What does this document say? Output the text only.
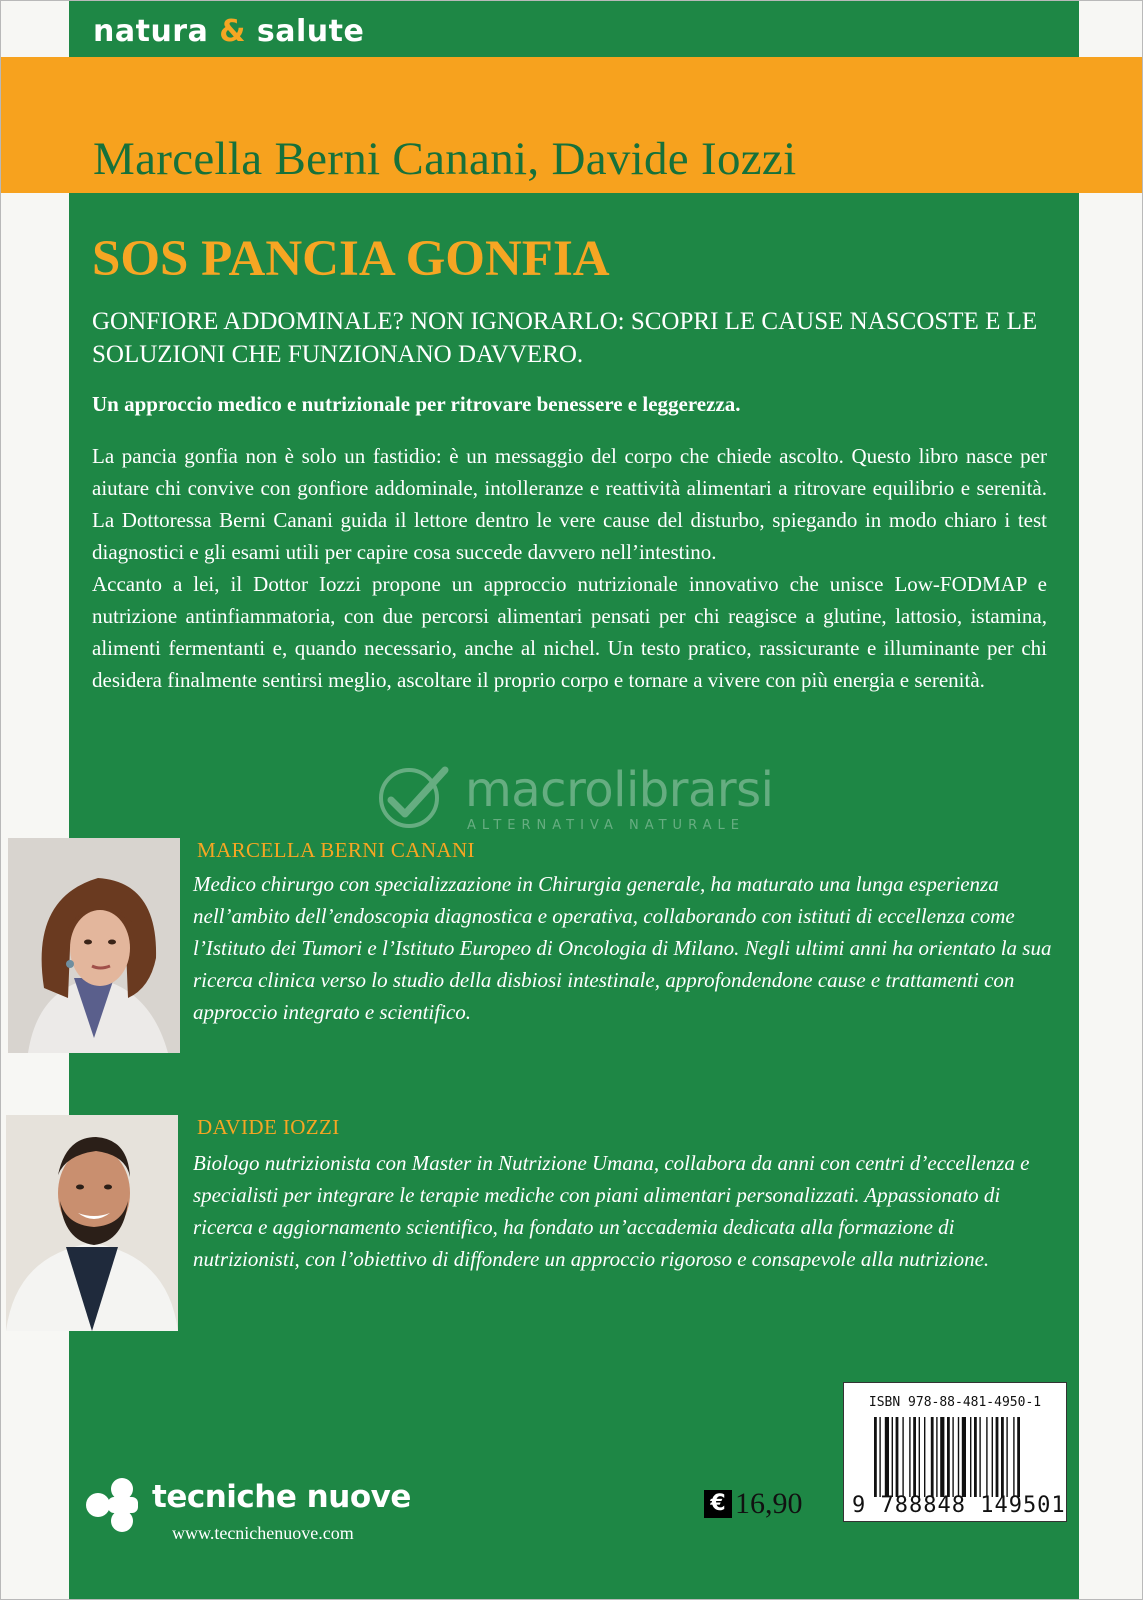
natura & salute
Marcella Berni Canani, Davide Iozzi
SOS PANCIA GONFIA
GONFIORE ADDOMINALE? NON IGNORARLO: SCOPRI LE CAUSE NASCOSTE E LE SOLUZIONI CHE FUNZIONANO DAVVERO.
Un approccio medico e nutrizionale per ritrovare benessere e leggerezza.

La pancia gonfia non è solo un fastidio: è un messaggio del corpo che chiede ascolto. Questo libro nasce per aiutare chi convive con gonfiore addominale, intolleranze e reattività alimentari a ritrovare equilibrio e serenità. La Dottoressa Berni Canani guida il lettore dentro le vere cause del disturbo, spiegando in modo chiaro i test diagnostici e gli esami utili per capire cosa succede davvero nell’intestino.

Accanto a lei, il Dottor Iozzi propone un approccio nutrizionale innovativo che unisce Low-FODMAP e nutrizione antinfiammatoria, con due percorsi alimentari pensati per chi reagisce a glutine, lattosio, istamina, alimenti fermentanti e, quando necessario, anche al nichel. Un testo pratico, rassicurante e illuminante per chi desidera finalmente sentirsi meglio, ascoltare il proprio corpo e tornare a vivere con più energia e serenità.

macrolibrarsi
ALTERNATIVA NATURALE
MARCELLA BERNI CANANI
Medico chirurgo con specializzazione in Chirurgia generale, ha maturato una lunga esperienza nell’ambito dell’endoscopia diagnostica e operativa, collaborando con istituti di eccellenza come l’Istituto dei Tumori e l’Istituto Europeo di Oncologia di Milano. Negli ultimi anni ha orientato la sua ricerca clinica verso lo studio della disbiosi intestinale, approfondendone cause e trattamenti con approccio integrato e scientifico.
DAVIDE IOZZI
Biologo nutrizionista con Master in Nutrizione Umana, collabora da anni con centri d’eccellenza e specialisti per integrare le terapie mediche con piani alimentari personalizzati. Appassionato di ricerca e aggiornamento scientifico, ha fondato un’accademia dedicata alla formazione di nutrizionisti, con l’obiettivo di diffondere un approccio rigoroso e consapevole alla nutrizione.
tecniche nuove
www.tecnichenuove.com
€ 16,90
ISBN 978-88-481-4950-1
9 788848 149501
